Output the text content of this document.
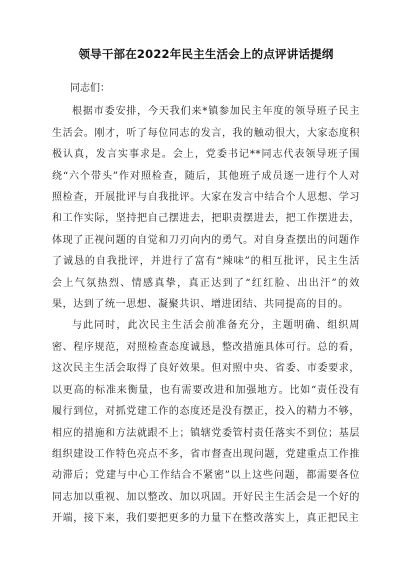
领导干部在2022年民主生活会上的点评讲话提纲

同志们：

根据市委安排，今天我们来*镇参加民主年度的领导班子民主生活会。刚才，听了每位同志的发言，我的触动很大，大家态度积极认真，发言实事求是。会上，党委书记**同志代表领导班子围绕“六个带头”作对照检查，随后，其他班子成员逐一进行个人对照检查，开展批评与自我批评。大家在发言中结合个人思想、学习和工作实际，坚持把自己摆进去，把职责摆进去，把工作摆进去，体现了正视问题的自觉和刀刃向内的勇气。对自身查摆出的问题作了诚恳的自我批评，并进行了富有“辣味”的相互批评，民主生活会上气氛热烈、情感真挚，真正达到了“红红脸、出出汗”的效果，达到了统一思想、凝聚共识、增进团结、共同提高的目的。

与此同时，此次民主生活会前准备充分，主题明确、组织周密、程序规范，对照检查态度诚恳，整改措施具体可行。总的看，这次民主生活会取得了良好效果。但对照中央、省委、市委要求，以更高的标准来衡量，也有需要改进和加强地方。比如“责任没有履行到位，对抓党建工作的态度还是没有摆正，投入的精力不够，相应的措施和方法就跟不上；镇辖党委管村责任落实不到位；基层组织建设工作特色亮点不多，省市督查出现问题，党建重点工作推动滞后；党建与中心工作结合不紧密”以上这些问题，都需要各位同志加以重视、加以整改、加以巩固。开好民主生活会是一个好的开端，接下来，我们要把更多的力量下在整改落实上，真正把民主
